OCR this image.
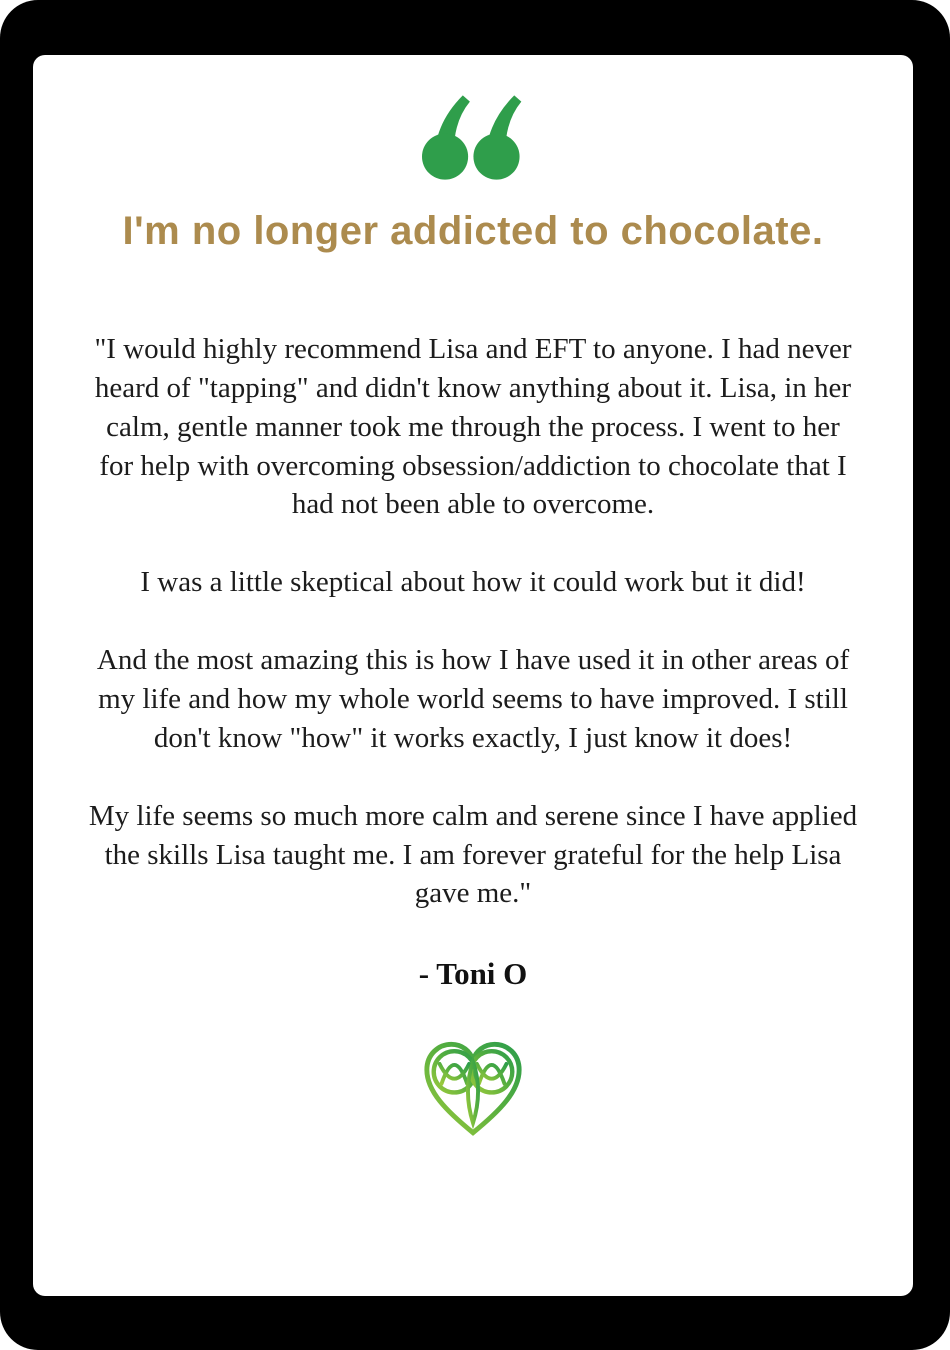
I'm no longer addicted to chocolate.

"I would highly recommend Lisa and EFT to anyone. I had never heard of "tapping" and didn't know anything about it. Lisa, in her calm, gentle manner took me through the process. I went to her for help with overcoming obsession/addiction to chocolate that I had not been able to overcome.

I was a little skeptical about how it could work but it did!

And the most amazing this is how I have used it in other areas of my life and how my whole world seems to have improved. I still don't know "how" it works exactly, I just know it does!

My life seems so much more calm and serene since I have applied the skills Lisa taught me. I am forever grateful for the help Lisa gave me."

- Toni O
